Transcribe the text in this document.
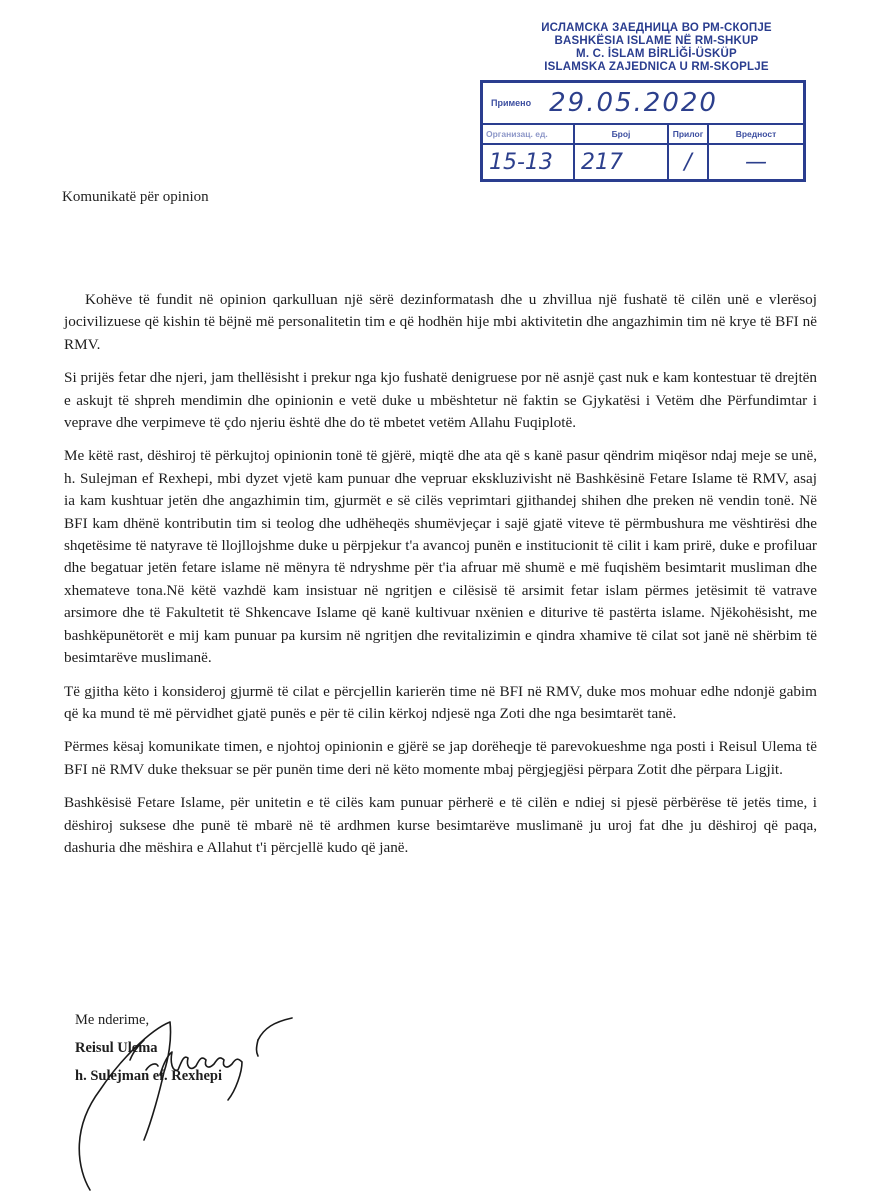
ИСЛАМСКА ЗАЕДНИЦА ВО РМ-СКОПЈЕ
BASHKËSIA ISLAME NË RM-SHKUP
M. C. İSLAM BİRLİĞİ-ÜSKÜP
ISLAMSKA ZAJEDNICA U RM-SKOPLJE
Примено 29.05.2020
Организац. ед.	Број	Прилог	Вредност
15-13	217	/	—
Komunikatë për opinion

Kohëve të fundit në opinion qarkulluan një sërë dezinformatash dhe u zhvillua një fushatë të cilën unë e vlerësoj jocivilizuese që kishin të bëjnë më personalitetin tim e që hodhën hije mbi aktivitetin dhe angazhimin tim në krye të BFI në RMV.

Si prijës fetar dhe njeri, jam thellësisht i prekur nga kjo fushatë denigruese por në asnjë çast nuk e kam kontestuar të drejtën e askujt të shpreh mendimin dhe opinionin e vetë duke u mbështetur në faktin se Gjykatësi i Vetëm dhe Përfundimtar i veprave dhe verpimeve të çdo njeriu është dhe do të mbetet vetëm Allahu Fuqiplotë.

Me këtë rast, dëshiroj të përkujtoj opinionin tonë të gjërë, miqtë dhe ata që s kanë pasur qëndrim miqësor ndaj meje se unë, h. Sulejman ef Rexhepi, mbi dyzet vjetë kam punuar dhe vepruar ekskluzivisht në Bashkësinë Fetare Islame të RMV, asaj ia kam kushtuar jetën dhe angazhimin tim, gjurmët e së cilës veprimtari gjithandej shihen dhe preken në vendin tonë. Në BFI kam dhënë kontributin tim si teolog dhe udhëheqës shumëvjeçar i sajë gjatë viteve të përmbushura me vështirësi dhe shqetësime të natyrave të llojllojshme duke u përpjekur t'a avancoj punën e institucionit të cilit i kam prirë, duke e profiluar dhe begatuar jetën fetare islame në mënyra të ndryshme për t'ia afruar më shumë e më fuqishëm besimtarit musliman dhe xhemateve tona.Në këtë vazhdë kam insistuar në ngritjen e cilësisë të arsimit fetar islam përmes jetësimit të vatrave arsimore dhe të Fakultetit të Shkencave Islame që kanë kultivuar nxënien e diturive të pastërta islame. Njëkohësisht, me bashkëpunëtorët e mij kam punuar pa kursim në ngritjen dhe revitalizimin e qindra xhamive të cilat sot janë në shërbim të besimtarëve muslimanë.

Të gjitha këto i konsideroj gjurmë të cilat e përcjellin karierën time në BFI në RMV, duke mos mohuar edhe ndonjë gabim që ka mund të më përvidhet gjatë punës e për të cilin kërkoj ndjesë nga Zoti dhe nga besimtarët tanë.

Përmes kësaj komunikate timen, e njohtoj opinionin e gjërë se jap dorëheqje të parevokueshme nga posti i Reisul Ulema të BFI në RMV duke theksuar se për punën time deri në këto momente mbaj përgjegjësi përpara Zotit dhe përpara Ligjit.

Bashkësisë Fetare Islame, për unitetin e të cilës kam punuar përherë e të cilën e ndiej si pjesë përbërëse të jetës time, i dëshiroj suksese dhe punë të mbarë në të ardhmen kurse besimtarëve muslimanë ju uroj fat dhe ju dëshiroj që paqa, dashuria dhe mëshira e Allahut t'i përcjellë kudo që janë.

Me nderime,
Reisul Ulema
h. Sulejman ef. Rexhepi
